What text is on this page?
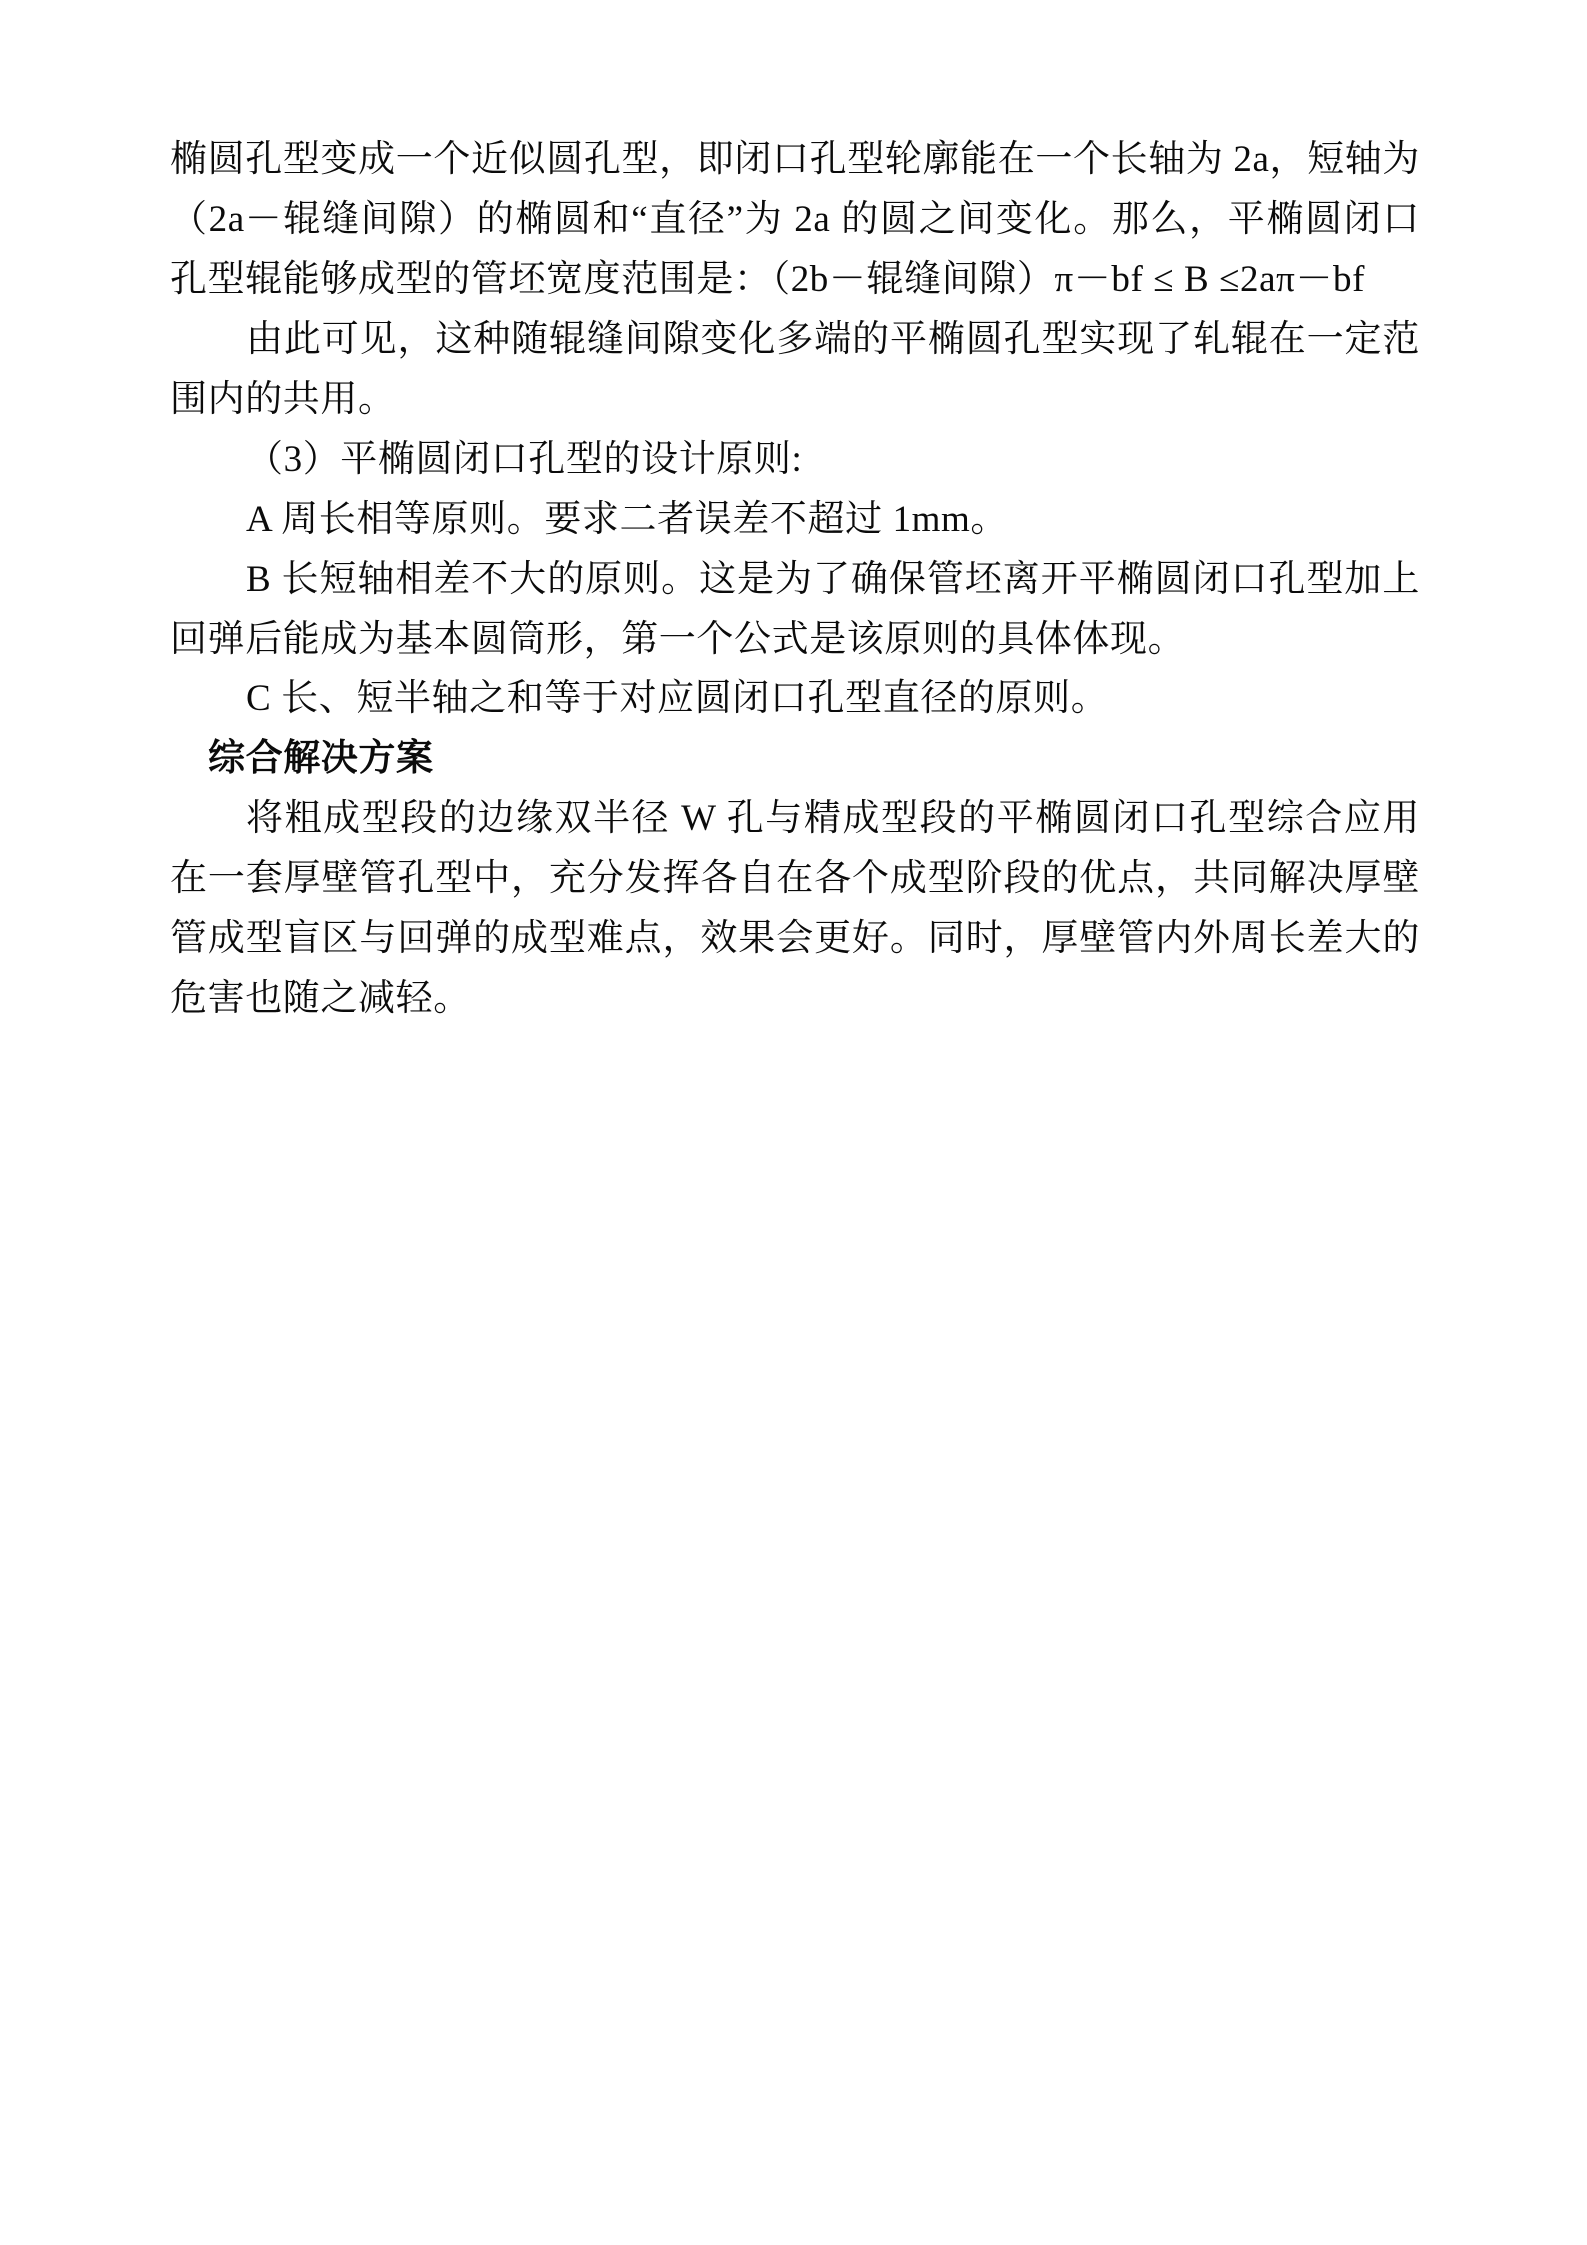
椭圆孔型变成一个近似圆孔型，即闭口孔型轮廓能在一个长轴为 2a，短轴为（2a－辊缝间隙）的椭圆和“直径”为 2a 的圆之间变化。那么，平椭圆闭口孔型辊能够成型的管坯宽度范围是：（2b－辊缝间隙）π－bf ≤ B ≤2aπ－bf

由此可见，这种随辊缝间隙变化多端的平椭圆孔型实现了轧辊在一定范围内的共用。

（3）平椭圆闭口孔型的设计原则:

A 周长相等原则。要求二者误差不超过 1mm。

B 长短轴相差不大的原则。这是为了确保管坯离开平椭圆闭口孔型加上回弹后能成为基本圆筒形，第一个公式是该原则的具体体现。

C 长、短半轴之和等于对应圆闭口孔型直径的原则。

综合解决方案

将粗成型段的边缘双半径 W 孔与精成型段的平椭圆闭口孔型综合应用在一套厚壁管孔型中，充分发挥各自在各个成型阶段的优点，共同解决厚壁管成型盲区与回弹的成型难点，效果会更好。同时，厚壁管内外周长差大的危害也随之减轻。
